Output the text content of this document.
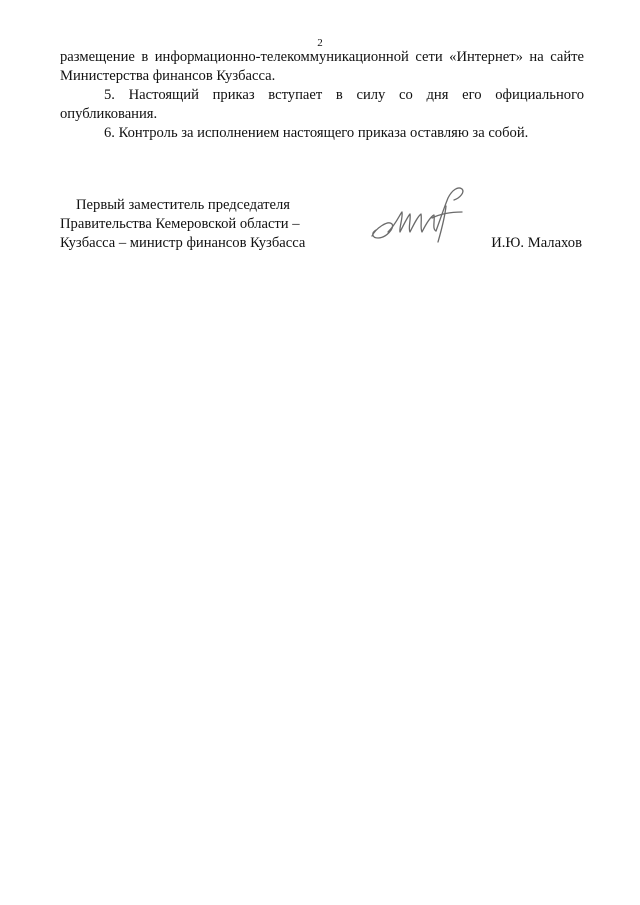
2

размещение в информационно-телекоммуникационной сети «Интернет» на сайте Министерства финансов Кузбасса.

5. Настоящий приказ вступает в силу со дня его официального опубликования.

6. Контроль за исполнением настоящего приказа оставляю за собой.

Первый заместитель председателя
Правительства Кемеровской области –
Кузбасса – министр финансов Кузбасса	И.Ю. Малахов
